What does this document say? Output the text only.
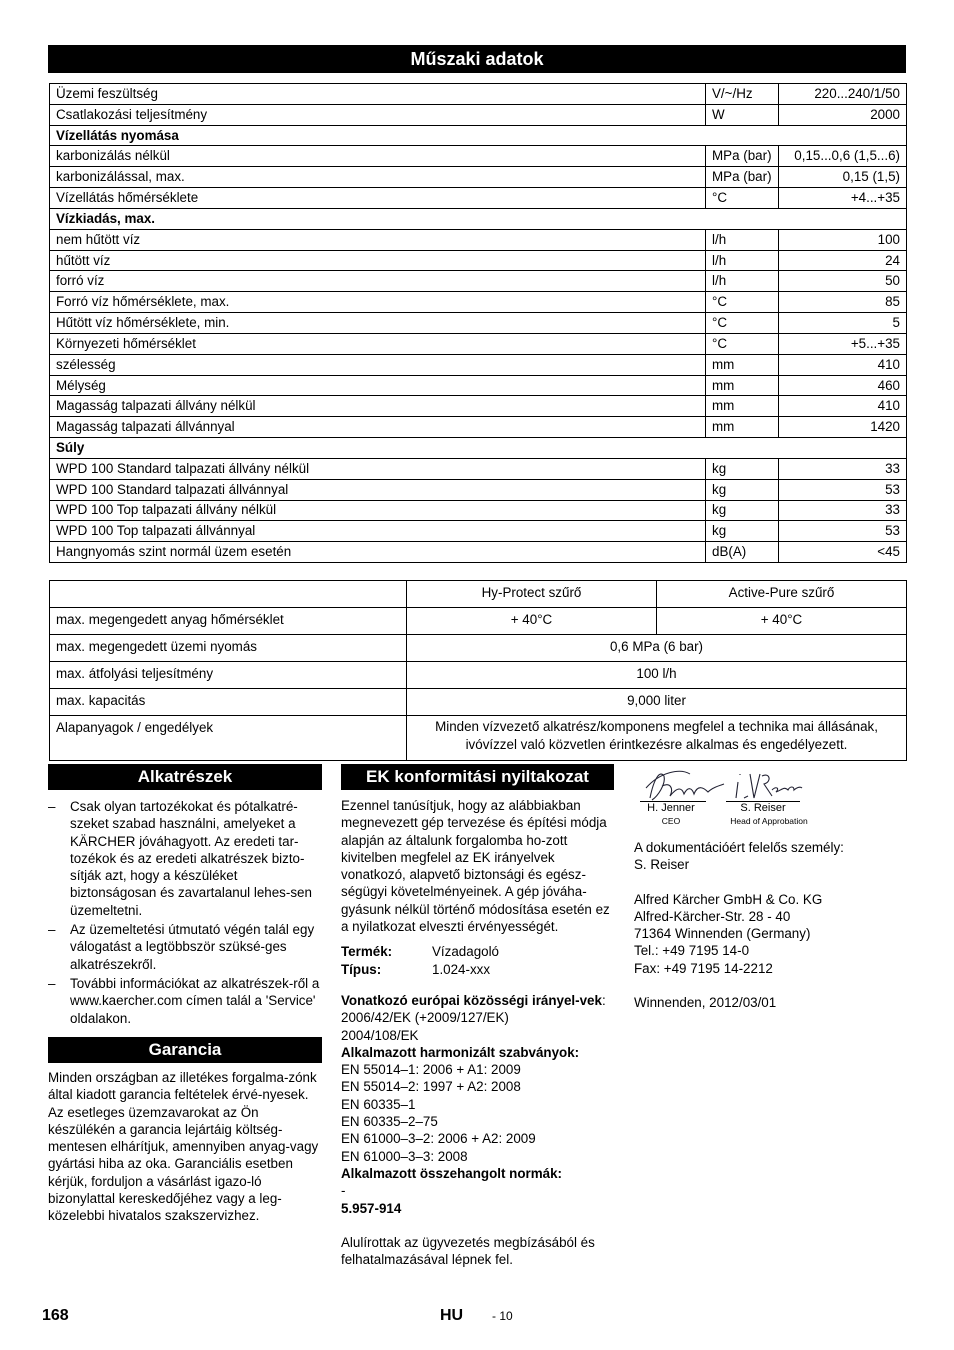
Műszaki adatok
Üzemi feszültség	V/~/Hz	220...240/1/50
Csatlakozási teljesítmény	W	2000
Vízellátás nyomása		
karbonizálás nélkül	MPa (bar)	0,15...0,6 (1,5...6)
karbonizálással, max.	MPa (bar)	0,15 (1,5)
Vízellátás hőmérséklete	°C	+4...+35
Vízkiadás, max.		
nem hűtött víz	l/h	100
hűtött víz	l/h	24
forró víz	l/h	50
Forró víz hőmérséklete, max.	°C	85
Hűtött víz hőmérséklete, min.	°C	5
Környezeti hőmérséklet	°C	+5...+35
szélesség	mm	410
Mélység	mm	460
Magasság talpazati állvány nélkül	mm	410
Magasság talpazati állvánnyal	mm	1420
Súly		
WPD 100 Standard talpazati állvány nélkül	kg	33
WPD 100 Standard talpazati állvánnyal	kg	53
WPD 100 Top talpazati állvány nélkül	kg	33
WPD 100 Top talpazati állvánnyal	kg	53
Hangnyomás szint normál üzem esetén	dB(A)	<45
	Hy-Protect szűrő	Active-Pure szűrő
max. megengedett anyag hőmérséklet	+ 40°C	+ 40°C
max. megengedett üzemi nyomás	0,6 MPa (6 bar)	
max. átfolyási teljesítmény	100 l/h	
max. kapacitás	9,000 liter	
Alapanyagok / engedélyek	Minden vízvezető alkatrész/komponens megfelel a technika mai állásának, ivóvízzel való közvetlen érintkezésre alkalmas és engedélyezett.	
Alkatrészek
– Csak olyan tartozékokat és pótalkatré-szeket szabad használni, amelyeket a KÄRCHER jóváhagyott. Az eredeti tar-tozékok és az eredeti alkatrészek bizto-sítják azt, hogy a készüléket biztonságosan és zavartalanul lehes-sen üzemeltetni.
– Az üzemeltetési útmutató végén talál egy válogatást a legtöbbször szüksé-ges alkatrészekről.
– További információkat az alkatrészek-ről a www.kaercher.com címen talál a 'Service' oldalakon.
Garancia
Minden országban az illetékes forgalma-zónk által kiadott garancia feltételek érvé-nyesek. Az esetleges üzemzavarokat az Ön készülékén a garancia lejártáig költség-mentesen elhárítjuk, amennyiben anyag-vagy gyártási hiba az oka. Garanciális esetben kérjük, forduljon a vásárlást igazo-ló bizonylattal kereskedőjéhez vagy a leg-közelebbi hivatalos szakszervizhez.
EK konformitási nyiltakozat
Ezennel tanúsítjuk, hogy az alábbiakban megnevezett gép tervezése és építési módja alapján az általunk forgalomba ho-zott kivitelben megfelel az EK irányelvek vonatkozó, alapvető biztonsági és egész-ségügyi követelményeinek. A gép jóváha-gyásunk nélkül történő módosítása esetén ez a nyilatkozat elveszti érvényességét.
Termék:	Vízadagoló
Típus:	1.024-xxx
Vonatkozó európai közösségi irányel-vek:
2006/42/EK (+2009/127/EK)
2004/108/EK
Alkalmazott harmonizált szabványok:
EN 55014–1: 2006 + A1: 2009
EN 55014–2: 1997 + A2: 2008
EN 60335–1
EN 60335–2–75
EN 61000–3–2: 2006 + A2: 2009
EN 61000–3–3: 2008
Alkalmazott összehangolt normák:
-
5.957-914
Alulírottak az ügyvezetés megbízásából és felhatalmazásával lépnek fel.
H. Jenner
CEO
S. Reiser
Head of Approbation
A dokumentációért felelős személy:
S. Reiser
Alfred Kärcher GmbH & Co. KG
Alfred-Kärcher-Str. 28 - 40
71364 Winnenden (Germany)
Tel.: +49 7195 14-0
Fax: +49 7195 14-2212
Winnenden, 2012/03/01
168	HU - 10
